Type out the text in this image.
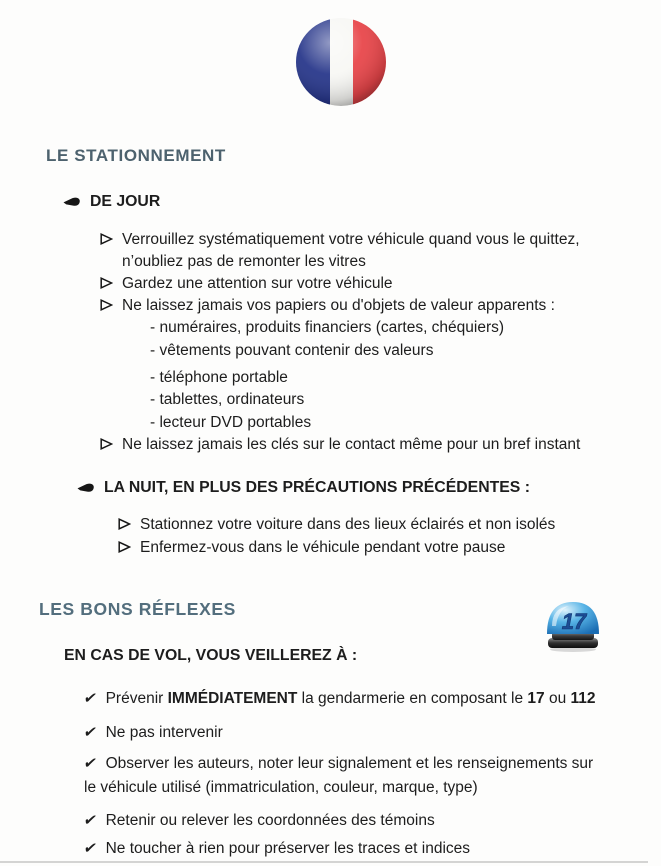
LE STATIONNEMENT
DE JOUR
Verrouillez systématiquement votre véhicule quand vous le quittez,
n’oubliez pas de remonter les vitres
Gardez une attention sur votre véhicule
Ne laissez jamais vos papiers ou d'objets de valeur apparents :
- numéraires, produits financiers (cartes, chéquiers)
- vêtements pouvant contenir des valeurs
- téléphone portable
- tablettes, ordinateurs
- lecteur DVD portables
Ne laissez jamais les clés sur le contact même pour un bref instant
LA NUIT, EN PLUS DES PRÉCAUTIONS PRÉCÉDENTES :
Stationnez votre voiture dans des lieux éclairés et non isolés
Enfermez-vous dans le véhicule pendant votre pause
LES BONS RÉFLEXES	17
EN CAS DE VOL, VOUS VEILLEREZ À :
✔ Prévenir IMMÉDIATEMENT la gendarmerie en composant le 17 ou 112
✔ Ne pas intervenir
✔ Observer les auteurs, noter leur signalement et les renseignements sur
le véhicule utilisé (immatriculation, couleur, marque, type)
✔ Retenir ou relever les coordonnées des témoins
✔ Ne toucher à rien pour préserver les traces et indices
